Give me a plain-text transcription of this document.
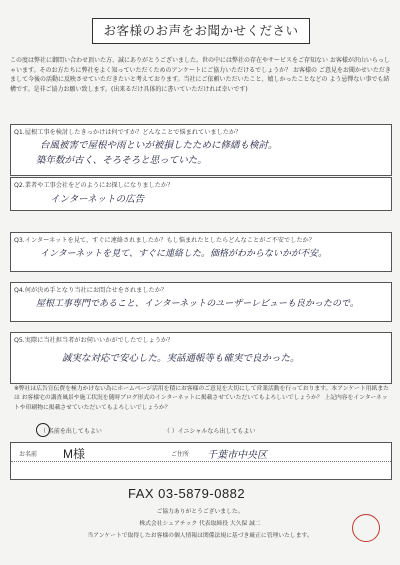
お客様のお声をお聞かせください
この度は弊社に御問い合わせ頂いた方、誠にありがとうございました。世の中には弊社の存在やサービスをご存知ない お客様が沢山いらっしゃいます。そのお方たちに弊社をよく知っていただくためのアンケートにご協力いただけるでしょうか？ お客様の ご意見をお聞かせいただきまして今後の活動に反映させていただきたいと考えております。当社にご依頼いただいたこと、嬉しかったことなどの よう忌憚ない事でも結構です。是非ご協力お願い致します。(出来るだけ具体的に書いていただければ幸いです)
Q1.屋根工事を検討したきっかけは何ですか？どんなことで悩まれていましたか？
台風被害で屋根や雨といが被損したために修繕も検討。
築年数が古く、そろそろと思っていた。
Q2.業者や工事会社をどのようにお探しになりましたか？
インターネットの広告
Q3.インターネットを見て、すぐに連絡されましたか？もし悩まれたとしたらどんなことがご不安でしたか？
インターネットを見て、すぐに連絡した。価格がわからないかが不安。
Q4.何が決め手となり当社にお問合せをされましたか？
屋根工事専門であること、インターネットのユーザーレビューも良かったので。
Q5.実際に当社担当者がお伺いいかがでしたでしょうか？
誠実な対応で安心した。実話通帳等も確実で良かった。
※弊社は広告宣伝費を極力かけない為にホームページ活用を積にお客様のご意見を大切にして営業活動を行っております。本アンケート用紙または お客様宅の講査風景や施工状況を随時ブログ形式のインターネットに掲載させていただいてもよろしいでしょうか？ 上記内容をインターネットや印刷物に掲載させていただいてもよろしいでしょうか？
（ 名前を出してもよい	（ ）イニシャルなら出してもよい
お名前 M様	ご住所 千葉市中央区
FAX 03-5879-0882
ご協力ありがとうございました。
株式会社シェアテック 代表取締役 大久保 誠二
当アンケートで取得したお客様の個人情報は関係法規に基づき厳正に管理いたします。
